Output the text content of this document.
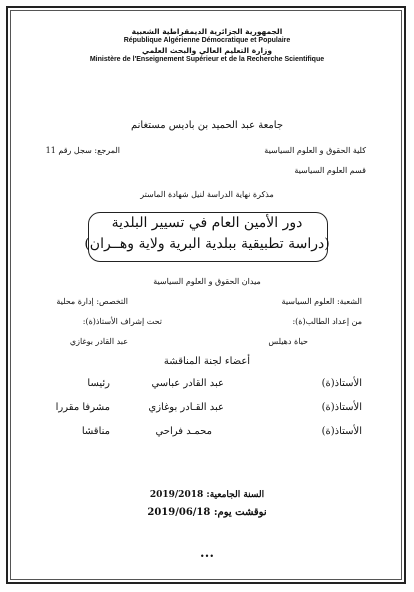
الجمهورية الجزائرية الديمقراطية الشعبية
République Algérienne Démocratique et Populaire
وزارة التعليم العالي والبحث العلمي
Ministère de l'Enseignement Supérieur et de la Recherche Scientifique
جامعة عبد الحميد بن باديس مستغانم
كلية الحقوق و العلوم السياسية
المرجع: سجل رقم 11
قسم العلوم السياسية
مذكرة نهاية الدراسة لنيل شهادة الماستر
دور الأمين العام في تسيير البلدية
(دراسة تطبيقية ببلدية البرية ولاية وهــران)
ميدان الحقوق و العلوم السياسية
الشعبة: العلوم السياسية
التخصص: إدارة محلية
من إعداد الطالب(ة):
تحت إشراف الأستاذ(ة):
حياة دهيلس
عبد القادر بوغازي
أعضاء لجنة المناقشة
الأستاذ(ة)
عبد القادر عباسي
رئيسا
الأستاذ(ة)
عبد القـادر بوغازي
مشرفا مقررا
الأستاذ(ة)
محمـد فراحي
مناقشا
السنة الجامعية: 2019/2018
نوقشت يوم: 2019/06/18
•••
